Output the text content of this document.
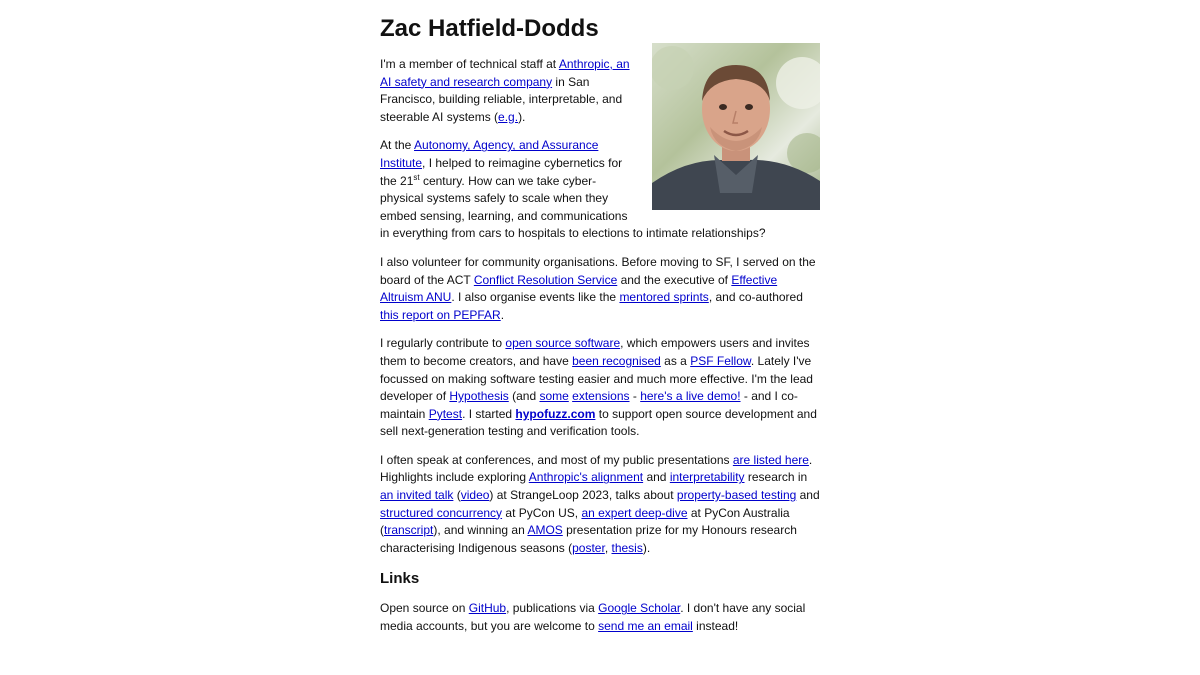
Zac Hatfield-Dodds

I'm a member of technical staff at Anthropic, an AI safety and research company in San Francisco, building reliable, interpretable, and steerable AI systems (e.g.).

At the Autonomy, Agency, and Assurance Institute, I helped to reimagine cybernetics for the 21st century. How can we take cyber-physical systems safely to scale when they embed sensing, learning, and communications in everything from cars to hospitals to elections to intimate relationships?

I also volunteer for community organisations. Before moving to SF, I served on the board of the ACT Conflict Resolution Service and the executive of Effective Altruism ANU. I also organise events like the mentored sprints, and co-authored this report on PEPFAR.

I regularly contribute to open source software, which empowers users and invites them to become creators, and have been recognised as a PSF Fellow. Lately I've focussed on making software testing easier and much more effective. I'm the lead developer of Hypothesis (and some extensions - here's a live demo! - and I co-maintain Pytest. I started hypofuzz.com to support open source development and sell next-generation testing and verification tools.

I often speak at conferences, and most of my public presentations are listed here. Highlights include exploring Anthropic's alignment and interpretability research in an invited talk (video) at StrangeLoop 2023, talks about property-based testing and structured concurrency at PyCon US, an expert deep-dive at PyCon Australia (transcript), and winning an AMOS presentation prize for my Honours research characterising Indigenous seasons (poster, thesis).

Links

Open source on GitHub, publications via Google Scholar. I don't have any social media accounts, but you are welcome to send me an email instead!
